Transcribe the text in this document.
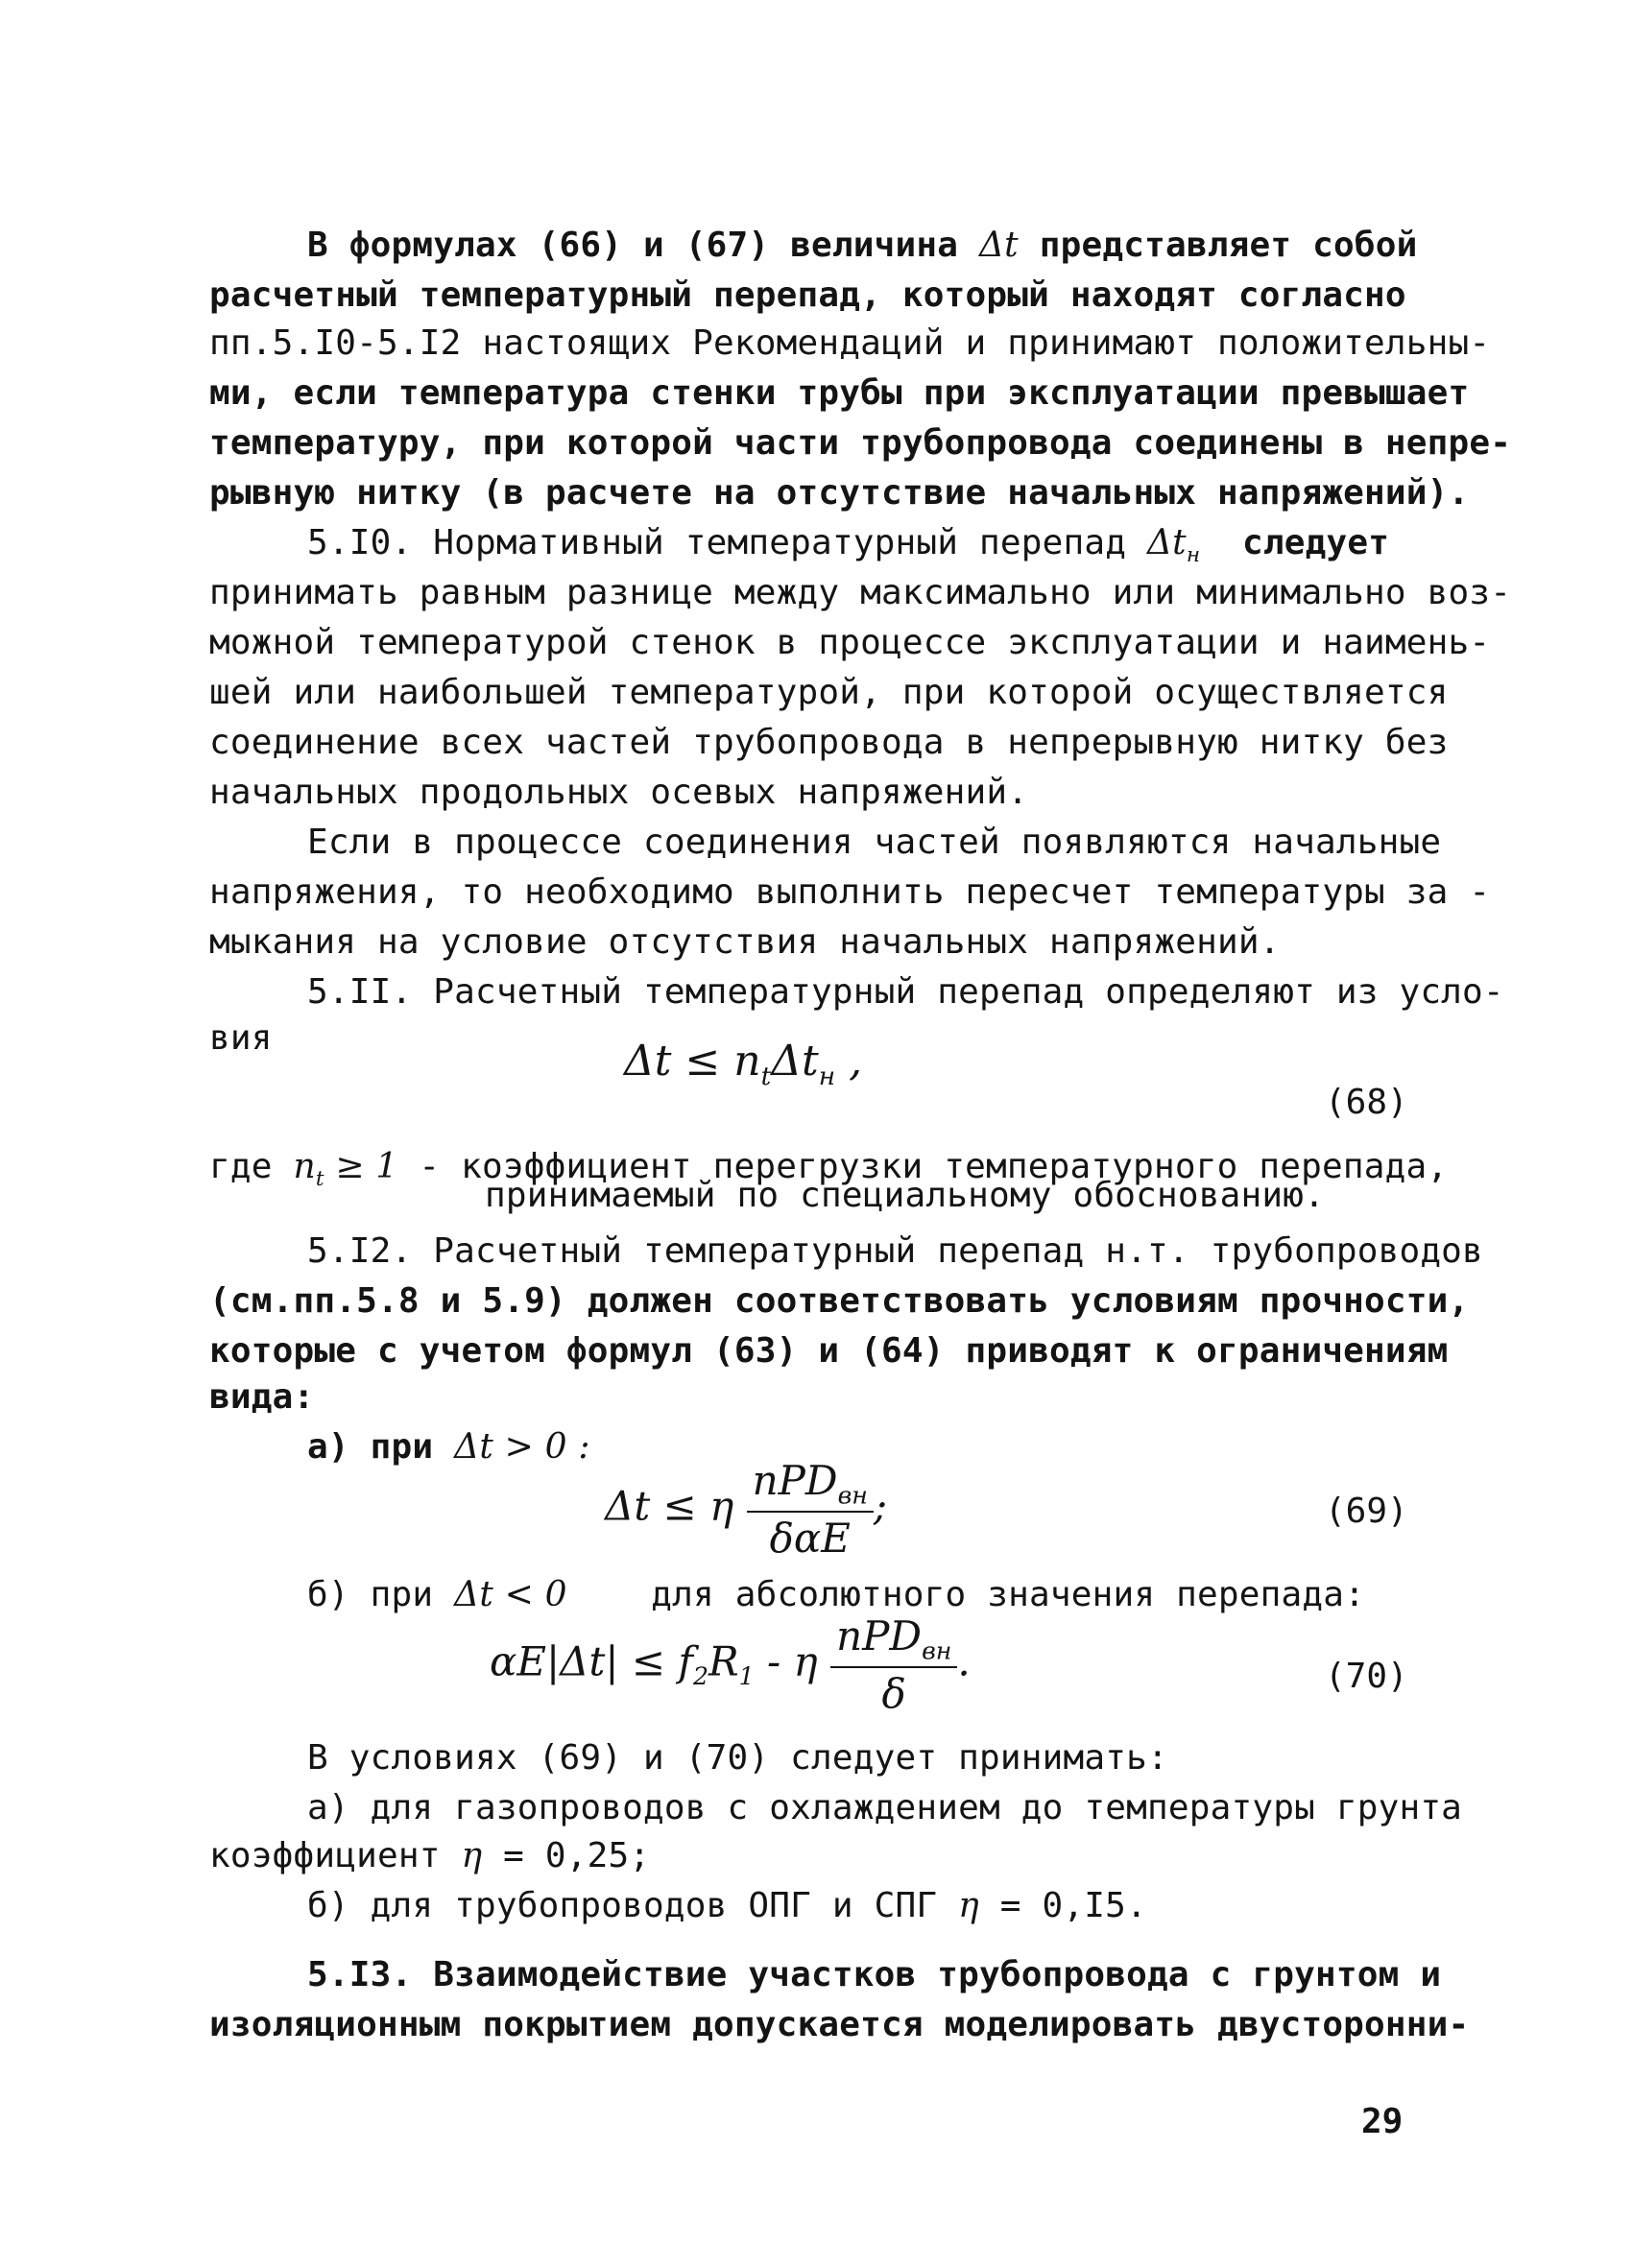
В формулах (66) и (67) величина Δt представляет собой
расчетный температурный перепад, который находят согласно
пп.5.I0-5.I2 настоящих Рекомендаций и принимают положительны-
ми, если температура стенки трубы при эксплуатации превышает
температуру, при которой части трубопровода соединены в непре-
рывную нитку (в расчете на отсутствие начальных напряжений).
5.I0. Нормативный температурный перепад $\Delta t_н$  следует
принимать равным разнице между максимально или минимально воз-
можной температурой стенок в процессе эксплуатации и наимень-
шей или наибольшей температурой, при которой осуществляется
соединение всех частей трубопровода в непрерывную нитку без
начальных продольных осевых напряжений.
Если в процессе соединения частей появляются начальные
напряжения, то необходимо выполнить пересчет температуры за -
мыкания на условие отсутствия начальных напряжений.
5.II. Расчетный температурный перепад определяют из усло-
вия	$\Delta t \le n_t\Delta t_н$ ,
(68)
где $n_t \ge 1$ - коэффициент перегрузки температурного перепада,
принимаемый по специальному обоснованию.
5.I2. Расчетный температурный перепад н.т. трубопроводов
(см.пп.5.8 и 5.9) должен соответствовать условиям прочности,
которые с учетом формул (63) и (64) приводят к ограничениям
вида:
а) при Δt > 0 :
Δt ≤ η $\frac{nPD_{вн}}{\text{δαE}}$ ;	(69)
б) при Δt < 0    для абсолютного значения перепада:
$\alpha E|\Delta t| \le f_2R_1 - \eta \frac{nPD_{вн}}{\delta}$ .	(70)
В условиях (69) и (70) следует принимать:
а) для газопроводов с охлаждением до температуры грунта
коэффициент η = 0,25;
б) для трубопроводов ОПГ и СПГ η = 0,I5.
5.I3. Взаимодействие участков трубопровода с грунтом и
изоляционным покрытием допускается моделировать двусторонни-
29
